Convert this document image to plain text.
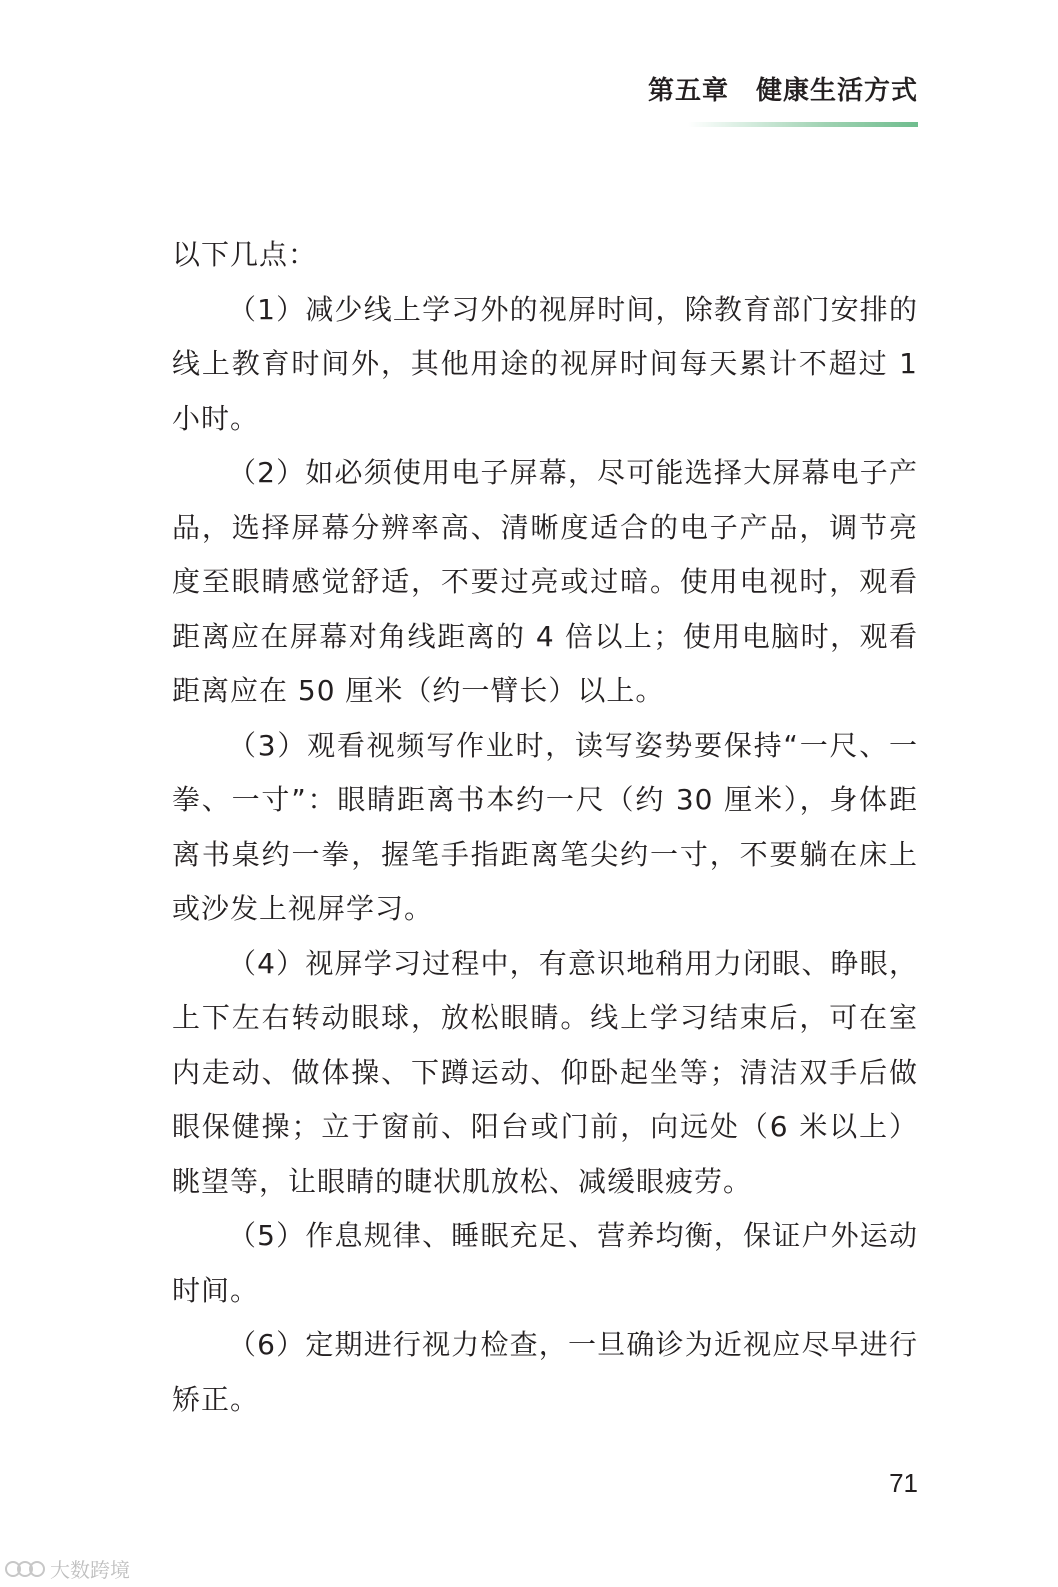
第五章　健康生活方式

以下几点：

（1）减少线上学习外的视屏时间，除教育部门安排的线上教育时间外，其他用途的视屏时间每天累计不超过 1 小时。

（2）如必须使用电子屏幕，尽可能选择大屏幕电子产品，选择屏幕分辨率高、清晰度适合的电子产品，调节亮度至眼睛感觉舒适，不要过亮或过暗。使用电视时，观看距离应在屏幕对角线距离的 4 倍以上；使用电脑时，观看距离应在 50 厘米（约一臂长）以上。

（3）观看视频写作业时，读写姿势要保持“一尺、一拳、一寸”：眼睛距离书本约一尺（约 30 厘米），身体距离书桌约一拳，握笔手指距离笔尖约一寸，不要躺在床上或沙发上视屏学习。

（4）视屏学习过程中，有意识地稍用力闭眼、睁眼，上下左右转动眼球，放松眼睛。线上学习结束后，可在室内走动、做体操、下蹲运动、仰卧起坐等；清洁双手后做眼保健操；立于窗前、阳台或门前，向远处（6 米以上）眺望等，让眼睛的睫状肌放松、减缓眼疲劳。

（5）作息规律、睡眠充足、营养均衡，保证户外运动时间。

（6）定期进行视力检查，一旦确诊为近视应尽早进行矫正。

71
大数跨境
